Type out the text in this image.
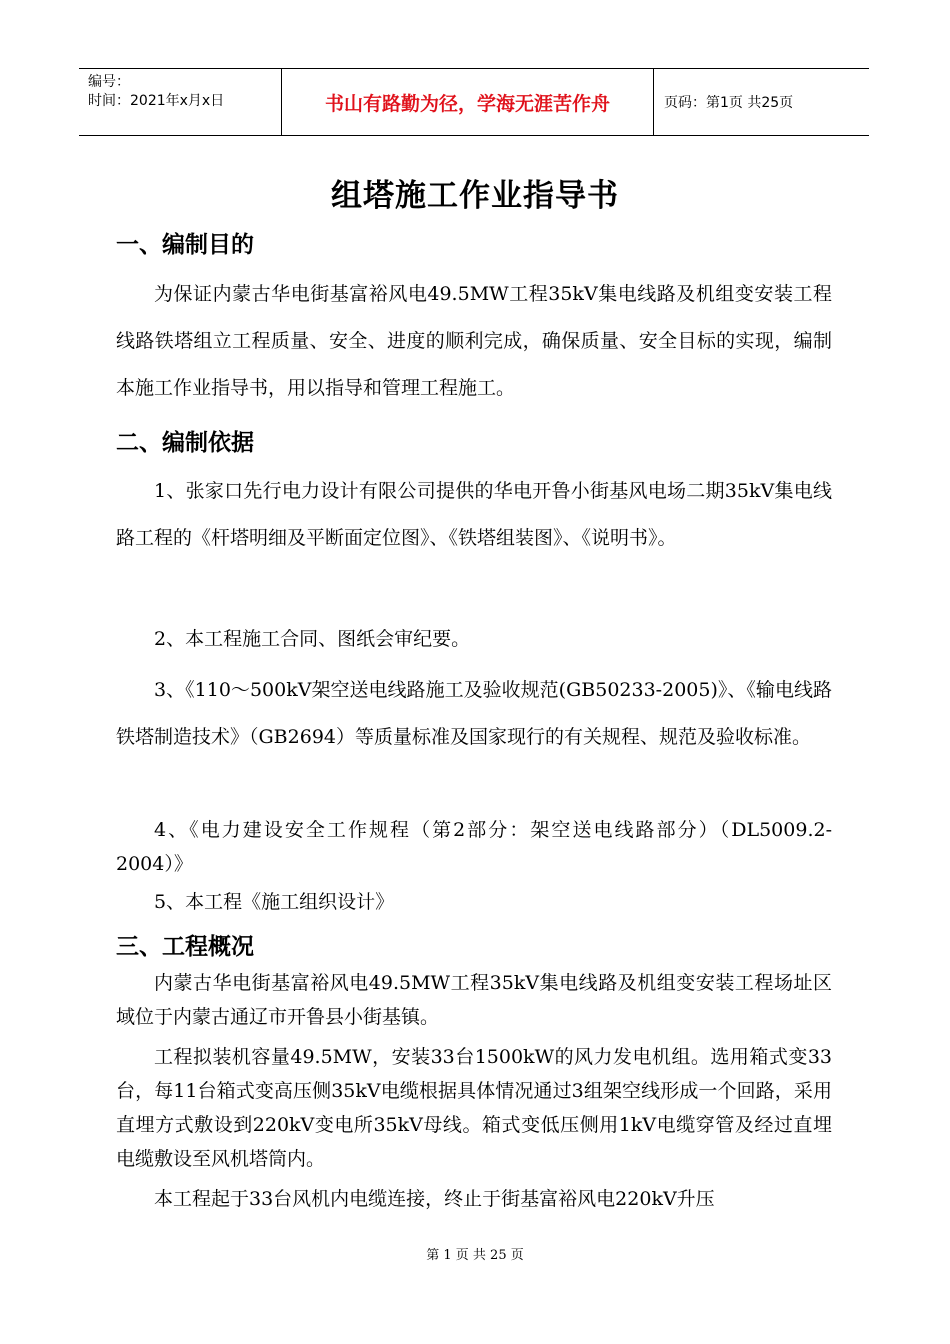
编号：
时间：2021年x月x日	书山有路勤为径，学海无涯苦作舟	页码：第1页 共25页
组塔施工作业指导书
一、编制目的

为保证内蒙古华电街基富裕风电49.5MW工程35kV集电线路及机组变安装工程线路铁塔组立工程质量、安全、进度的顺利完成，确保质量、安全目标的实现，编制本施工作业指导书，用以指导和管理工程施工。

二、编制依据

1、张家口先行电力设计有限公司提供的华电开鲁小街基风电场二期35kV集电线路工程的《杆塔明细及平断面定位图》、《铁塔组装图》、《说明书》。

2、本工程施工合同、图纸会审纪要。

3、《110～500kV架空送电线路施工及验收规范(GB50233-2005)》、《输电线路铁塔制造技术》（GB2694）等质量标准及国家现行的有关规程、规范及验收标准。

4、《电力建设安全工作规程（第2部分：架空送电线路部分）（DL5009.2-2004）》

5、本工程《施工组织设计》

三、工程概况

内蒙古华电街基富裕风电49.5MW工程35kV集电线路及机组变安装工程场址区域位于内蒙古通辽市开鲁县小街基镇。

工程拟装机容量49.5MW，安装33台1500kW的风力发电机组。选用箱式变33台，每11台箱式变高压侧35kV电缆根据具体情况通过3组架空线形成一个回路，采用直埋方式敷设到220kV变电所35kV母线。箱式变低压侧用1kV电缆穿管及经过直埋电缆敷设至风机塔筒内。

本工程起于33台风机内电缆连接，终止于街基富裕风电220kV升压

第 1 页 共 25 页
